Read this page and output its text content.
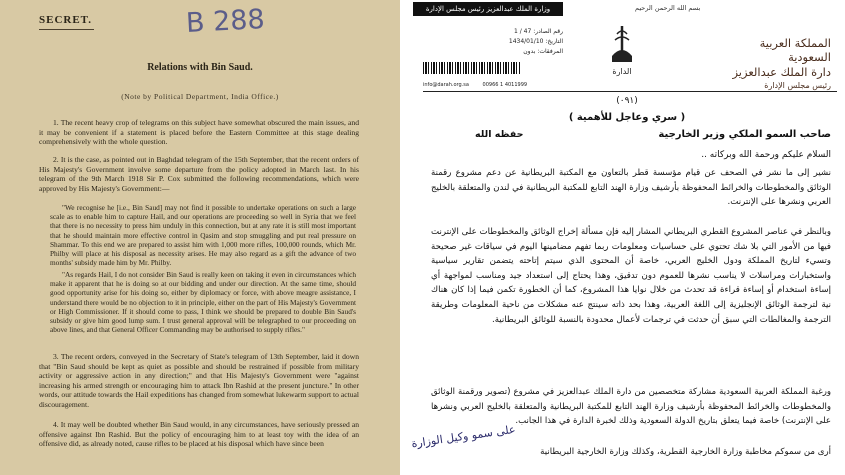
SECRET.	B 288
Relations with Bin Saud.
(Note by Political Department, India Office.)
1. The recent heavy crop of telegrams on this subject have somewhat obscured the main issues, and it may be convenient if a statement is placed before the Eastern Committee at this stage dealing comprehensively with the whole question.
2. It is the case, as pointed out in Baghdad telegram of the 15th September, that the recent orders of His Majesty's Government involve some departure from the policy adopted in March last. In his telegram of the 9th March 1918 Sir P. Cox submitted the following recommendations, which were approved by His Majesty's Government:—
"We recognise he [i.e., Bin Saud] may not find it possible to undertake operations on such a large scale as to enable him to capture Hail, and our operations are proceeding so well in Syria that we feel that there is no necessity to press him unduly in this connection, but at any rate it is still most important that he should maintain more effective control in Qasim and stop smuggling and put real pressure on Shammar. To this end we are prepared to assist him with 1,000 more rifles, 100,000 rounds, which Mr. Philby will place at his disposal as necessity arises. He may also regard as a gift the advance of two months' subsidy made him by Mr. Philby.
"As regards Hail, I do not consider Bin Saud is really keen on taking it even in circumstances which make it apparent that he is doing so at our bidding and under our direction. At the same time, should good opportunity arise for his doing so, either by diplomacy or force, with above meagre assistance, I understand there would be no objection to it in principle, either on the part of His Majesty's Government or High Commissioner. If it should come to pass, I think we should be prepared to double Bin Saud's subsidy or give him good lump sum. I trust general approval will be telegraphed to our proceeding on above lines, and that General Officer Commanding may be authorised to supply rifles."
3. The recent orders, conveyed in the Secretary of State's telegram of 13th September, laid it down that "Bin Saud should be kept as quiet as possible and should be restrained if possible from military activity or aggressive action in any direction;" and that His Majesty's Government were "against increasing his armed strength or encouraging him to attack Ibn Rashid at the present juncture." In other words, our attitude towards the Hail expeditions has changed from somewhat lukewarm support to actual discouragement.
4. It may well be doubted whether Bin Saud would, in any circumstances, have seriously pressed an offensive against Ibn Rashid. But the policy of encouraging him to at least toy with the idea of an offensive did, as already noted, cause rifles to be placed at his disposal which have since been
وزارة الملك عبدالعزيز رئيس مجلس الإدارة	بسم الله الرحمن الرحيم
رقم الصادر: 47 / 1
التاريخ: 1434/01/10
المرفقات: بدون
الدارة
المملكة العربية السعودية
دارة الملك عبدالعزيز
رئيس مجلس الإدارة
info@darah.org.sa	00966 1 4011999
(٠٩١)
( سري وعاجل للأهمية )
صاحب السمو الملكي وزير الخارجية
حفظه الله
السلام عليكم ورحمة الله وبركاته ..
نشير إلى ما نشر في الصحف عن قيام مؤسسة قطر بالتعاون مع المكتبة البريطانية عن دعم مشروع رقمنة الوثائق والمخطوطات والخرائط المحفوظة بأرشيف وزارة الهند التابع للمكتبة البريطانية في لندن والمتعلقة بالخليج العربي ونشرها على الإنترنت.
وبالنظر في عناصر المشروع القطري البريطاني المشار إليه فإن مسألة إخراج الوثائق والمخطوطات على الإنترنت فيها من الأمور التي بلا شك تحتوي على حساسيات ومعلومات ربما تفهم مضامينها اليوم في سياقات غير صحيحة وتسيء لتاريخ المملكة ودول الخليج العربي، خاصة أن المحتوى الذي سيتم إتاحته يتضمن تقارير سياسية واستخبارات ومراسلات لا يناسب نشرها للعموم دون تدقيق، وهذا يحتاج إلى استعداد جيد ومناسب لمواجهة أي إساءة استخدام أو إساءة قراءة قد تحدث من خلال نوايا هذا المشروع، كما أن الخطورة تكمن فيما إذا كان هناك نية لترجمة الوثائق الإنجليزية إلى اللغة العربية، وهذا بحد ذاته سينتج عنه مشكلات من ناحية المعلومات وطريقة الترجمة والمغالطات التي سبق أن حدثت في ترجمات لأعمال محدودة بالنسبة للوثائق البريطانية.
ورغبة المملكة العربية السعودية مشاركة متخصصين من دارة الملك عبدالعزيز في مشروع (تصوير ورقمنة الوثائق والمخطوطات والخرائط المحفوظة بأرشيف وزارة الهند التابع للمكتبة البريطانية والمتعلقة بالخليج العربي ونشرها على الإنترنت) خاصة فيما يتعلق بتاريخ الدولة السعودية وذلك لخبرة الدارة في هذا الجانب.
أرى من سموكم مخاطبة وزارة الخارجية القطرية، وكذلك وزارة الخارجية البريطانية
على سمو وكيل الوزارة
